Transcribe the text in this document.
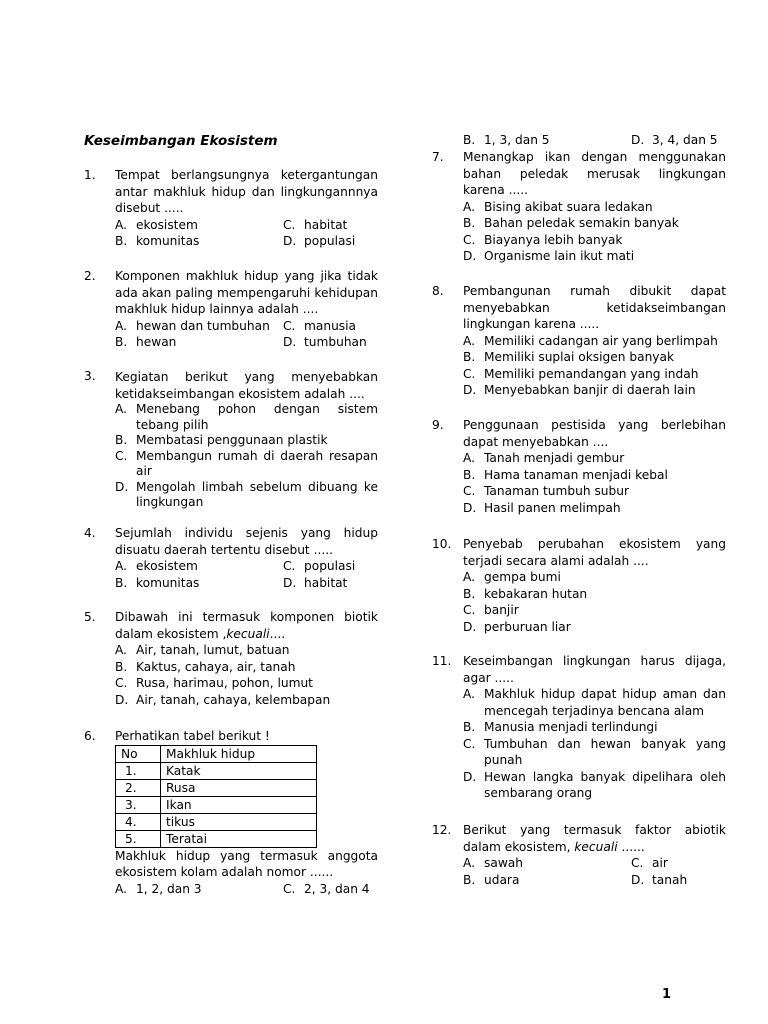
Keseimbangan Ekosistem
1.	Tempat berlangsungnya ketergantungan antar makhluk hidup dan lingkungannnya disebut .....
A. ekosistem	C. habitat
B. komunitas	D. populasi
2.	Komponen makhluk hidup yang jika tidak ada akan paling mempengaruhi kehidupan makhluk hidup lainnya adalah ....
A. hewan dan tumbuhan C. manusia
B. hewan	D. tumbuhan
3.	Kegiatan berikut yang menyebabkan ketidakseimbangan ekosistem adalah ....
A. Menebang pohon dengan sistem tebang pilih
B. Membatasi penggunaan plastik
C. Membangun rumah di daerah resapan air
D. Mengolah limbah sebelum dibuang ke lingkungan
4.	Sejumlah individu sejenis yang hidup disuatu daerah tertentu disebut .....
A. ekosistem	C. populasi
B. komunitas	D. habitat
5.	Dibawah ini termasuk komponen biotik dalam ekosistem ,kecuali....
A. Air, tanah, lumut, batuan
B. Kaktus, cahaya, air, tanah
C. Rusa, harimau, pohon, lumut
D. Air, tanah, cahaya, kelembapan
6.	Perhatikan tabel berikut !
No	Makhluk hidup
1.	Katak
2.	Rusa
3.	Ikan
4.	tikus
5.	Teratai
Makhluk hidup yang termasuk anggota ekosistem kolam adalah nomor ......
A. 1, 2, dan 3	C. 2, 3, dan 4
B. 1, 3, dan 5	D. 3, 4, dan 5
7.	Menangkap ikan dengan menggunakan bahan peledak merusak lingkungan karena .....
A. Bising akibat suara ledakan
B. Bahan peledak semakin banyak
C. Biayanya lebih banyak
D. Organisme lain ikut mati
8.	Pembangunan rumah dibukit dapat menyebabkan ketidakseimbangan lingkungan karena .....
A. Memiliki cadangan air yang berlimpah
B. Memiliki suplai oksigen banyak
C. Memiliki pemandangan yang indah
D. Menyebabkan banjir di daerah lain
9.	Penggunaan pestisida yang berlebihan dapat menyebabkan ....
A. Tanah menjadi gembur
B. Hama tanaman menjadi kebal
C. Tanaman tumbuh subur
D. Hasil panen melimpah
10. Penyebab perubahan ekosistem yang terjadi secara alami adalah ....
A. gempa bumi
B. kebakaran hutan
C. banjir
D. perburuan liar
11. Keseimbangan lingkungan harus dijaga, agar .....
A. Makhluk hidup dapat hidup aman dan mencegah terjadinya bencana alam
B. Manusia menjadi terlindungi
C. Tumbuhan dan hewan banyak yang punah
D. Hewan langka banyak dipelihara oleh sembarang orang
12. Berikut yang termasuk faktor abiotik dalam ekosistem, kecuali ......
A. sawah	C. air
B. udara	D. tanah
1
